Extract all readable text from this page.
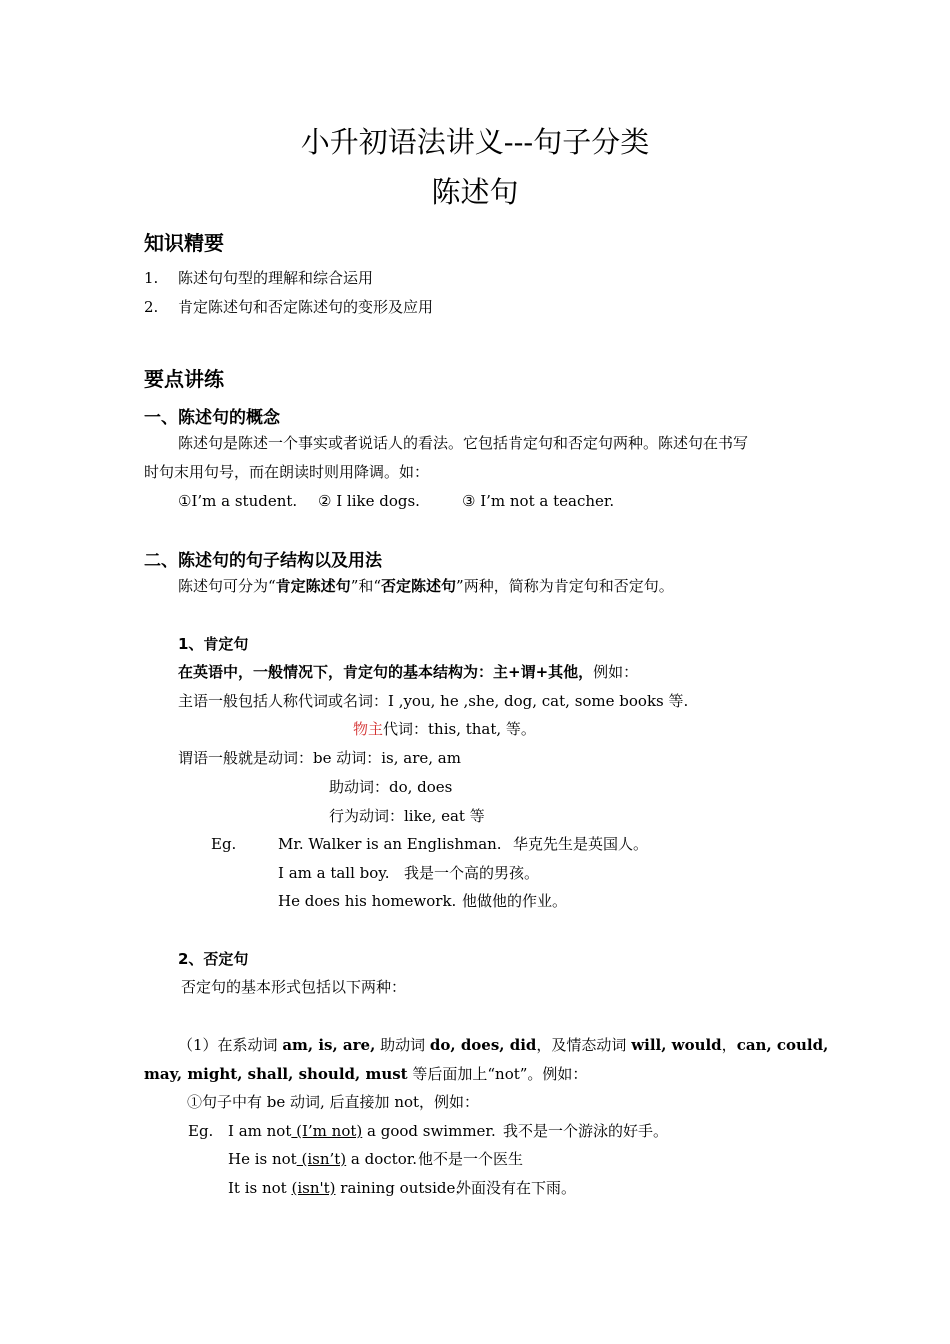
小升初语法讲义---句子分类
陈述句
知识精要
1. 陈述句句型的理解和综合运用
2. 肯定陈述句和否定陈述句的变形及应用
要点讲练
一、陈述句的概念
陈述句是陈述一个事实或者说话人的看法。它包括肯定句和否定句两种。陈述句在书写
时句末用句号，而在朗读时则用降调。如：
①I’m a student. ② I like dogs.	③ I’m not a teacher.
二、陈述句的句子结构以及用法
陈述句可分为“肯定陈述句”和“否定陈述句”两种，简称为肯定句和否定句。
1、肯定句
在英语中，一般情况下，肯定句的基本结构为：主+谓+其他，例如：
主语一般包括人称代词或名词：I ,you, he ,she, dog, cat, some books 等.
物主代词：this, that, 等。
谓语一般就是动词：be 动词：is, are, am
助动词：do, does
行为动词：like, eat 等
Eg.	Mr. Walker is an Englishman. 华克先生是英国人。
I am a tall boy. 我是一个高的男孩。
He does his homework. 他做他的作业。
2、否定句
否定句的基本形式包括以下两种：
（1）在系动词 am, is, are, 助动词 do, does, did，及情态动词 will, would，can, could,
may, might, shall, should, must 等后面加上“not”。例如：
①句子中有 be 动词, 后直接加 not，例如：
Eg. I am not (I’m not) a good swimmer. 我不是一个游泳的好手。
He is not (isn’t) a doctor. 他不是一个医生
It is not (isn't) raining outside.
外面没有在下雨。
